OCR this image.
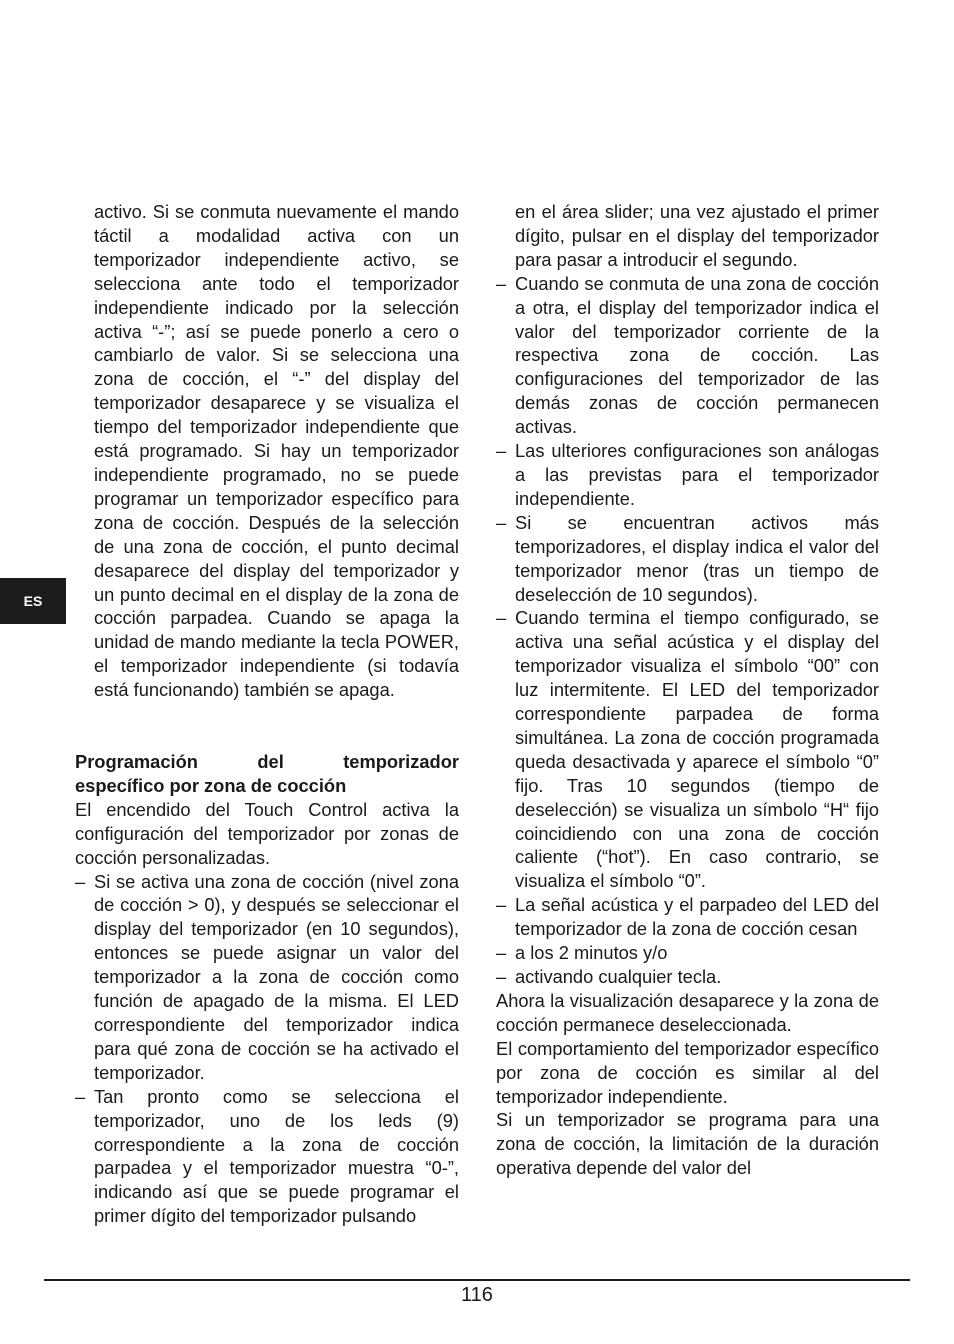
ES

activo. Si se conmuta nuevamente el mando táctil a modalidad activa con un temporizador independiente activo, se selecciona ante todo el temporizador independiente indicado por la selección activa “-”; así se puede ponerlo a cero o cambiarlo de valor. Si se selecciona una zona de cocción, el “-” del display del temporizador desaparece y se visualiza el tiempo del temporizador independiente que está programado. Si hay un temporizador independiente programado, no se puede programar un temporizador específico para zona de cocción. Después de la selección de una zona de cocción, el punto decimal desaparece del display del temporizador y un punto decimal en el display de la zona de cocción parpadea. Cuando se apaga la unidad de mando mediante la tecla POWER, el temporizador independiente (si todavía está funcionando) también se apaga.

Programación del temporizador
específico por zona de cocción

El encendido del Touch Control activa la configuración del temporizador por zonas de cocción personalizadas.

– Si se activa una zona de cocción (nivel zona de cocción > 0), y después se seleccionar el display del temporizador (en 10 segundos), entonces se puede asignar un valor del temporizador a la zona de cocción como función de apagado de la misma. El LED correspondiente del temporizador indica para qué zona de cocción se ha activado el temporizador.

– Tan pronto como se selecciona el temporizador, uno de los leds (9) correspondiente a la zona de cocción parpadea y el temporizador muestra “0-”, indicando así que se puede programar el primer dígito del temporizador pulsando

en el área slider; una vez ajustado el primer dígito, pulsar en el display del temporizador para pasar a introducir el segundo.

– Cuando se conmuta de una zona de cocción a otra, el display del temporizador indica el valor del temporizador corriente de la respectiva zona de cocción. Las configuraciones del temporizador de las demás zonas de cocción permanecen activas.

– Las ulteriores configuraciones son análogas a las previstas para el temporizador independiente.

– Si se encuentran activos más temporizadores, el display indica el valor del temporizador menor (tras un tiempo de deselección de 10 segundos).

– Cuando termina el tiempo configurado, se activa una señal acústica y el display del temporizador visualiza el símbolo “00” con luz intermitente. El LED del temporizador correspondiente parpadea de forma simultánea. La zona de cocción programada queda desactivada y aparece el símbolo “0” fijo. Tras 10 segundos (tiempo de deselección) se visualiza un símbolo “H“ fijo coincidiendo con una zona de cocción caliente (“hot”). En caso contrario, se visualiza el símbolo “0”.

– La señal acústica y el parpadeo del LED del temporizador de la zona de cocción cesan

– a los 2 minutos y/o

– activando cualquier tecla.

Ahora la visualización desaparece y la zona de cocción permanece deseleccionada.

El comportamiento del temporizador específico por zona de cocción es similar al del temporizador independiente.

Si un temporizador se programa para una zona de cocción, la limitación de la duración operativa depende del valor del

116
